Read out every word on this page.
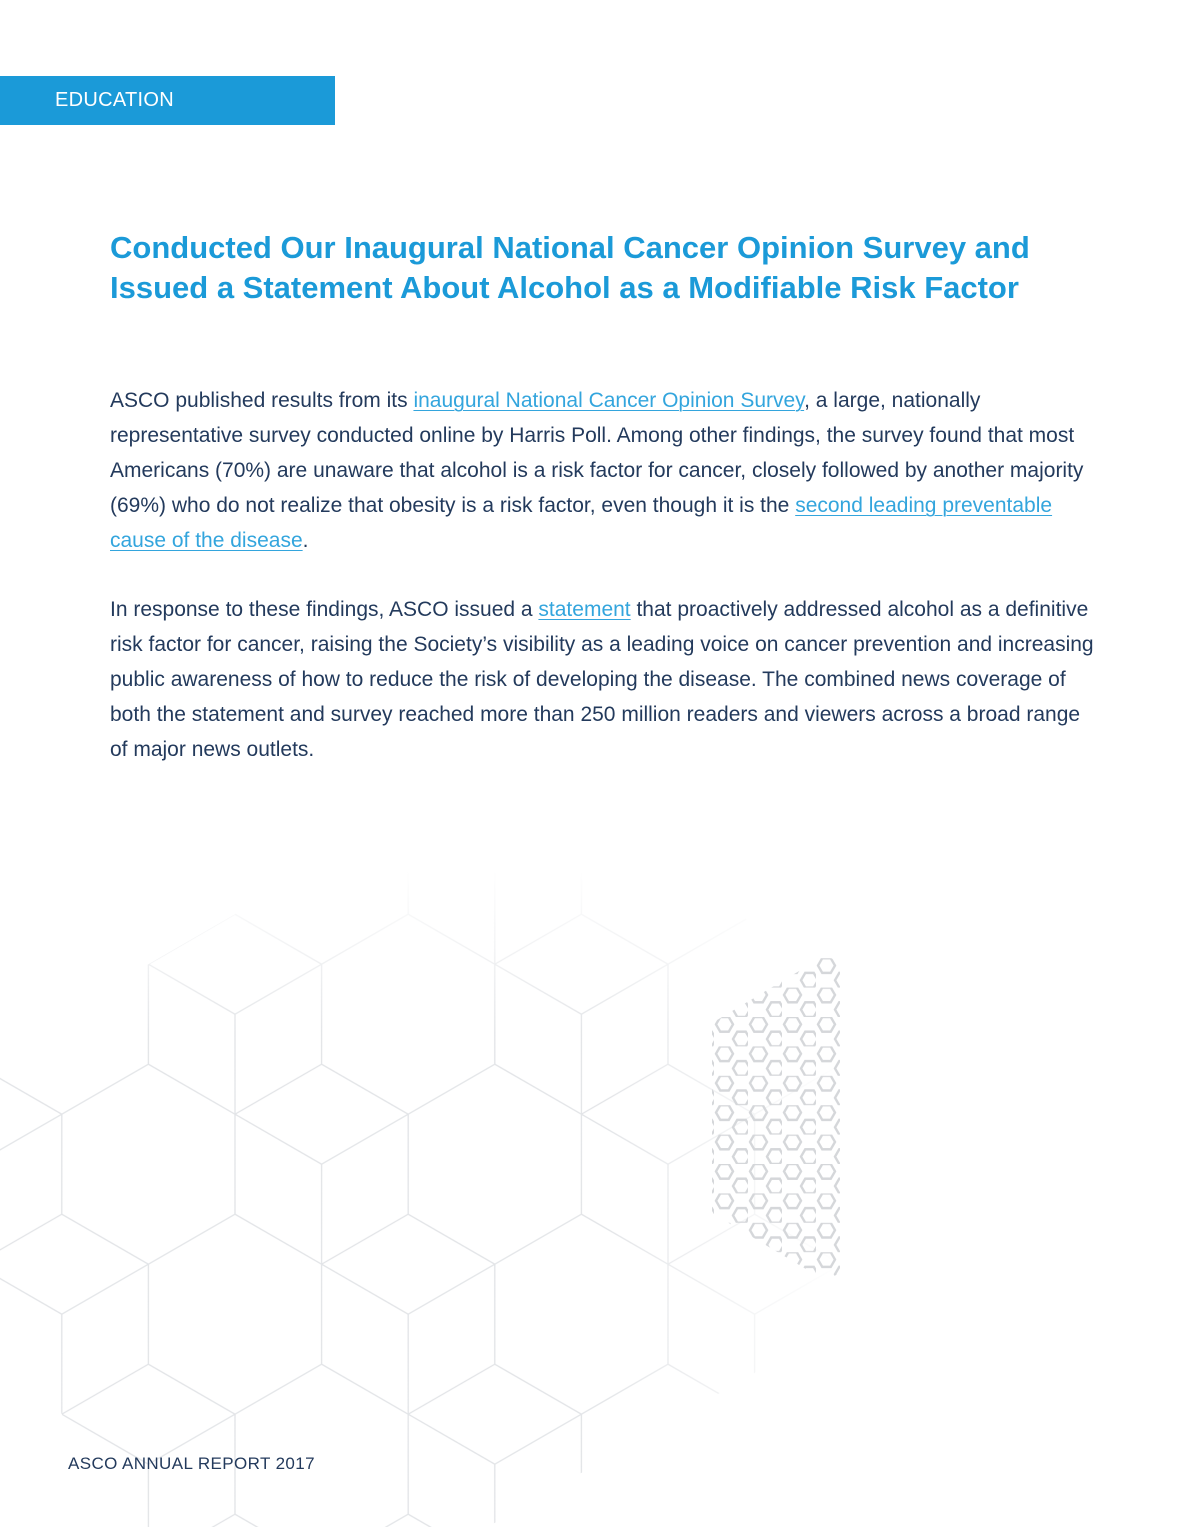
EDUCATION
Conducted Our Inaugural National Cancer Opinion Survey and Issued a Statement About Alcohol as a Modifiable Risk Factor

ASCO published results from its inaugural National Cancer Opinion Survey, a large, nationally representative survey conducted online by Harris Poll. Among other findings, the survey found that most Americans (70%) are unaware that alcohol is a risk factor for cancer, closely followed by another majority (69%) who do not realize that obesity is a risk factor, even though it is the second leading preventable cause of the disease.

In response to these findings, ASCO issued a statement that proactively addressed alcohol as a definitive risk factor for cancer, raising the Society’s visibility as a leading voice on cancer prevention and increasing public awareness of how to reduce the risk of developing the disease. The combined news coverage of both the statement and survey reached more than 250 million readers and viewers across a broad range of major news outlets.

ASCO ANNUAL REPORT 2017
